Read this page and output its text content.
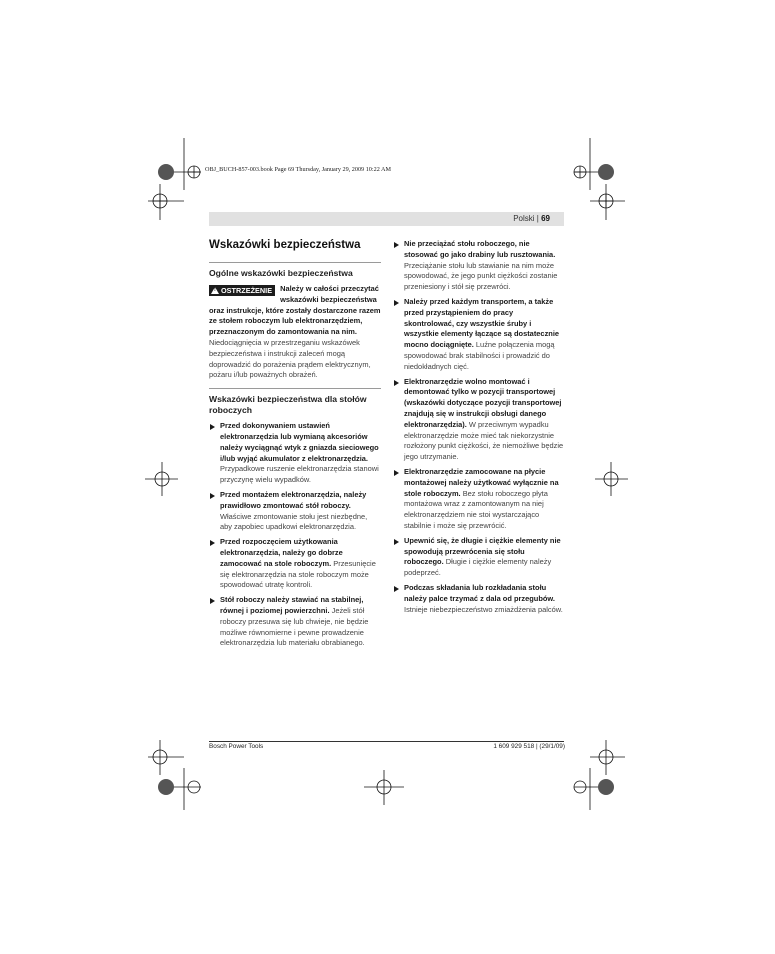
OBJ_BUCH-857-003.book Page 69 Thursday, January 29, 2009 10:22 AM
Polski | 69
Wskazówki bezpieczeństwa
Ogólne wskazówki bezpieczeństwa
!
OSTRZEŻENIE Należy w całości przeczytać wskazówki bezpieczeństwa oraz instrukcje, które zostały dostarczone razem ze stołem roboczym lub elektronarzędziem, przeznaczonym do zamontowania na nim. Niedociągnięcia w przestrzeganiu wskazówek bezpieczeństwa i instrukcji zaleceń mogą doprowadzić do porażenia prądem elektrycznym, pożaru i/lub poważnych obrażeń.
Wskazówki bezpieczeństwa dla stołów roboczych
Przed dokonywaniem ustawień elektronarzędzia lub wymianą akcesoriów należy wyciągnąć wtyk z gniazda sieciowego i/lub wyjąć akumulator z elektronarzędzia. Przypadkowe ruszenie elektronarzędzia stanowi przyczynę wielu wypadków.
Przed montażem elektronarzędzia, należy prawidłowo zmontować stół roboczy. Właściwe zmontowanie stołu jest niezbędne, aby zapobiec upadkowi elektronarzędzia.
Przed rozpoczęciem użytkowania elektronarzędzia, należy go dobrze zamocować na stole roboczym. Przesunięcie się elektronarzędzia na stole roboczym może spowodować utratę kontroli.
Stół roboczy należy stawiać na stabilnej, równej i poziomej powierzchni. Jeżeli stół roboczy przesuwa się lub chwieje, nie będzie możliwe równomierne i pewne prowadzenie elektronarzędzia lub materiału obrabianego.
Nie przeciążać stołu roboczego, nie stosować go jako drabiny lub rusztowania. Przeciążanie stołu lub stawianie na nim może spowodować, że jego punkt ciężkości zostanie przeniesiony i stół się przewróci.
Należy przed każdym transportem, a także przed przystąpieniem do pracy skontrolować, czy wszystkie śruby i wszystkie elementy łączące są dostatecznie mocno dociągnięte. Luźne połączenia mogą spowodować brak stabilności i prowadzić do niedokładnych cięć.
Elektronarzędzie wolno montować i demontować tylko w pozycji transportowej (wskazówki dotyczące pozycji transportowej znajdują się w instrukcji obsługi danego elektronarzędzia). W przeciwnym wypadku elektronarzędzie może mieć tak niekorzystnie rozłożony punkt ciężkości, że niemożliwe będzie jego utrzymanie.
Elektronarzędzie zamocowane na płycie montażowej należy użytkować wyłącznie na stole roboczym. Bez stołu roboczego płyta montażowa wraz z zamontowanym na niej elektronarzędziem nie stoi wystarczająco stabilnie i może się przewrócić.
Upewnić się, że długie i ciężkie elementy nie spowodują przewrócenia się stołu roboczego. Długie i ciężkie elementy należy podeprzeć.
Podczas składania lub rozkładania stołu należy palce trzymać z dala od przegubów. Istnieje niebezpieczeństwo zmiażdżenia palców.
Bosch Power Tools	1 609 929 518 | (29/1/09)
